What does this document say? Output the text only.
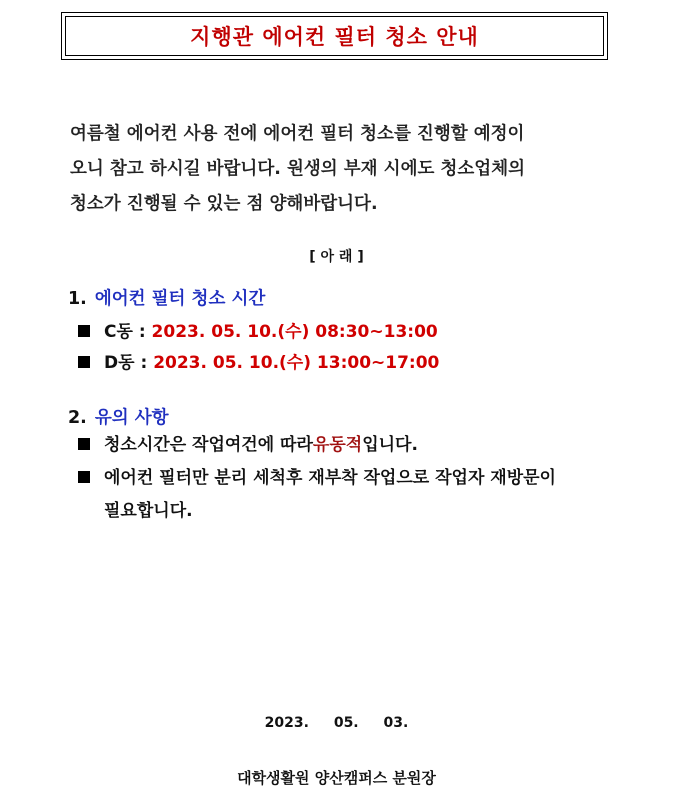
지행관 에어컨 필터 청소 안내
여름철 에어컨 사용 전에 에어컨 필터 청소를 진행할 예정이
오니 참고 하시길 바랍니다. 원생의 부재 시에도 청소업체의
청소가 진행될 수 있는 점 양해바랍니다.
[ 아 래 ]
1. 에어컨 필터 청소 시간
C동 :
2023. 05. 10.(수) 08:30~13:00
D동 :
2023. 05. 10.(수) 13:00~17:00
2. 유의 사항
청소시간은 작업여건에 따라 유동적 입니다.
에어컨 필터만 분리 세척후 재부착 작업으로 작업자 재방문이
필요합니다.
2023. 05. 03.
대학생활원 양산캠퍼스 분원장
